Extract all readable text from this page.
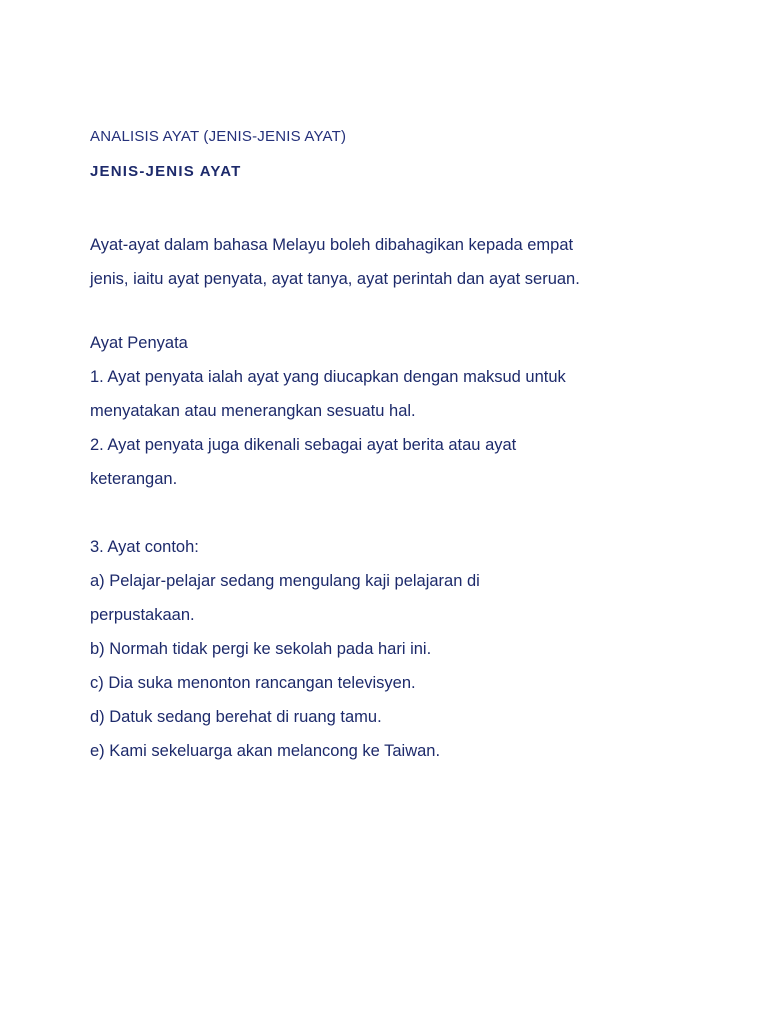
ANALISIS AYAT (JENIS-JENIS AYAT)
JENIS-JENIS AYAT

Ayat-ayat dalam bahasa Melayu boleh dibahagikan kepada empat
jenis, iaitu ayat penyata, ayat tanya, ayat perintah dan ayat seruan.

Ayat Penyata
1. Ayat penyata ialah ayat yang diucapkan dengan maksud untuk
menyatakan atau menerangkan sesuatu hal.
2. Ayat penyata juga dikenali sebagai ayat berita atau ayat
keterangan.
3. Ayat contoh:
a) Pelajar-pelajar sedang mengulang kaji pelajaran di
perpustakaan.
b) Normah tidak pergi ke sekolah pada hari ini.
c) Dia suka menonton rancangan televisyen.
d) Datuk sedang berehat di ruang tamu.
e) Kami sekeluarga akan melancong ke Taiwan.
